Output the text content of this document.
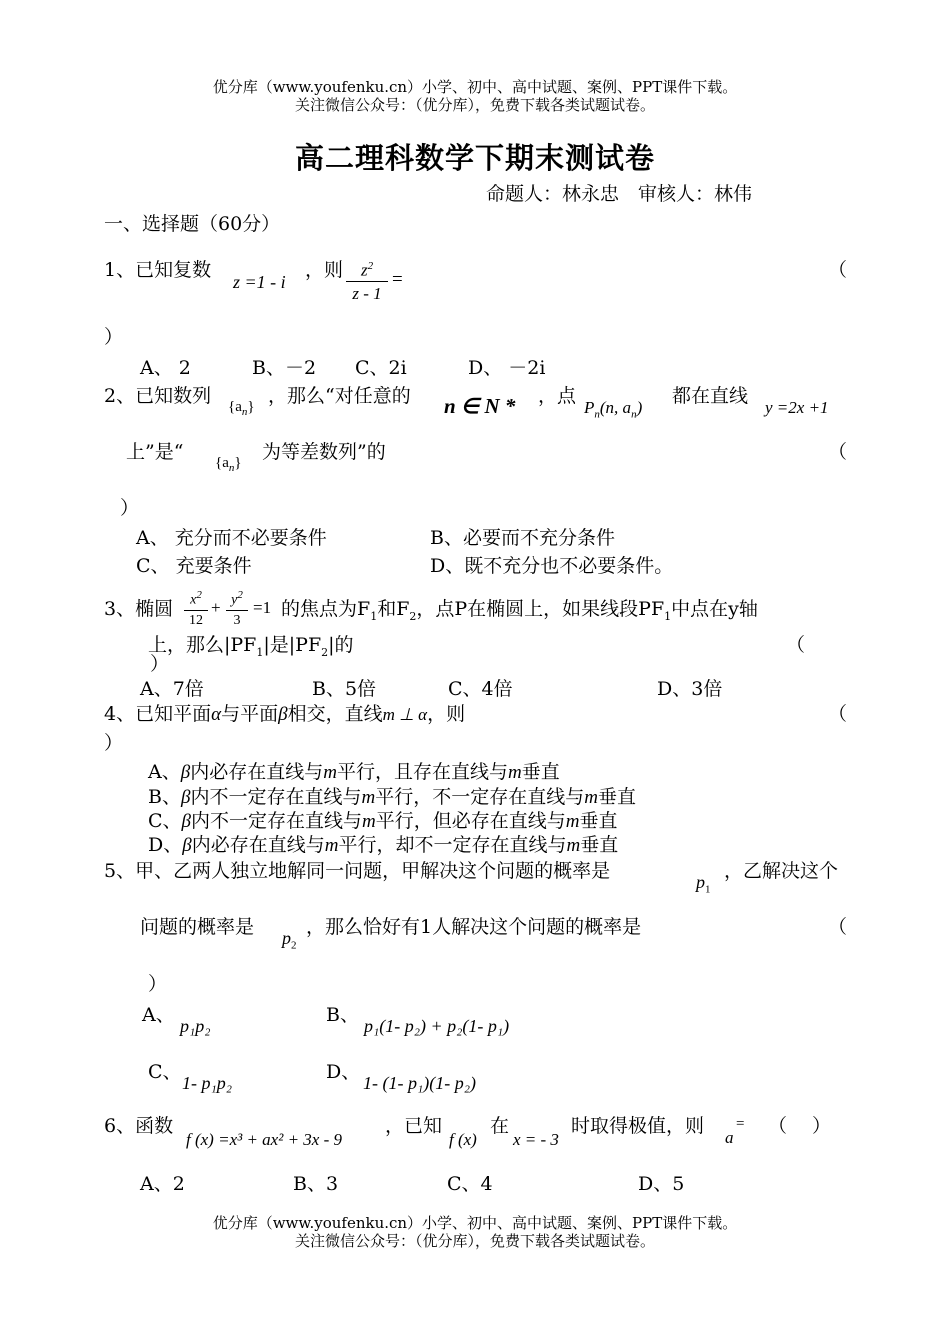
优分库（www.youfenku.cn）小学、初中、高中试题、案例、PPT课件下载。
关注微信公众号：（优分库），免费下载各类试题试卷。
高二理科数学下期末测试卷
命题人：林永忠　审核人：林伟
一、选择题（60分）
1、已知复数
z =1 - i
，则	$z^2$
z - 1
=	（
）
A、 2	B、－2 C、2i	D、 －2i
2、已知数列 $\{a_n\}$ ，那么“对任意的 n ∈ N * ，点
$P_n(n$, $a_n$)
都在直线
y =2x +1
上”是“ $\{a_n\}$ 为等差数列”的	（
）
A、 充分而不必要条件	B、必要而不充分条件
C、 充要条件	D、既不充分也不必要条件。
3、椭圆	$x^2$
12
+ $y^2$
3
=1 的焦点为$F_1$和$F_2$，点P在椭圆上，如果线段$PF_1$中点在y轴
上，那么$|PF_1|$是$|PF_2|$的	（
）
A、7倍	B、5倍	C、4倍	D、3倍
4、已知平面α与平面β相交，直线m ⊥ α，则	（
）
A、β内必存在直线与m平行，且存在直线与m垂直
B、β内不一定存在直线与m平行，不一定存在直线与m垂直
C、β内不一定存在直线与m平行，但必存在直线与m垂直
D、β内必存在直线与m平行，却不一定存在直线与m垂直
5、甲、乙两人独立地解同一问题，甲解决这个问题的概率是	$p_1$
，乙解决这个
问题的概率是 $p_2$
，那么恰好有1人解决这个问题的概率是	（
）
A、 p₁p₂	B、 p₁(1- p₂) + p₂(1- p₁)
C、 1- p₁p₂	D、 1- (1- p₁)(1- p₂)
6、函数
f (x) =x³ + ax² + 3x - 9
，已知
f (x)
在
x = - 3
时取得极值，则
a
= （　 ）
A、2	B、3	C、4	D、5
优分库（www.youfenku.cn）小学、初中、高中试题、案例、PPT课件下载。
关注微信公众号：（优分库），免费下载各类试题试卷。
